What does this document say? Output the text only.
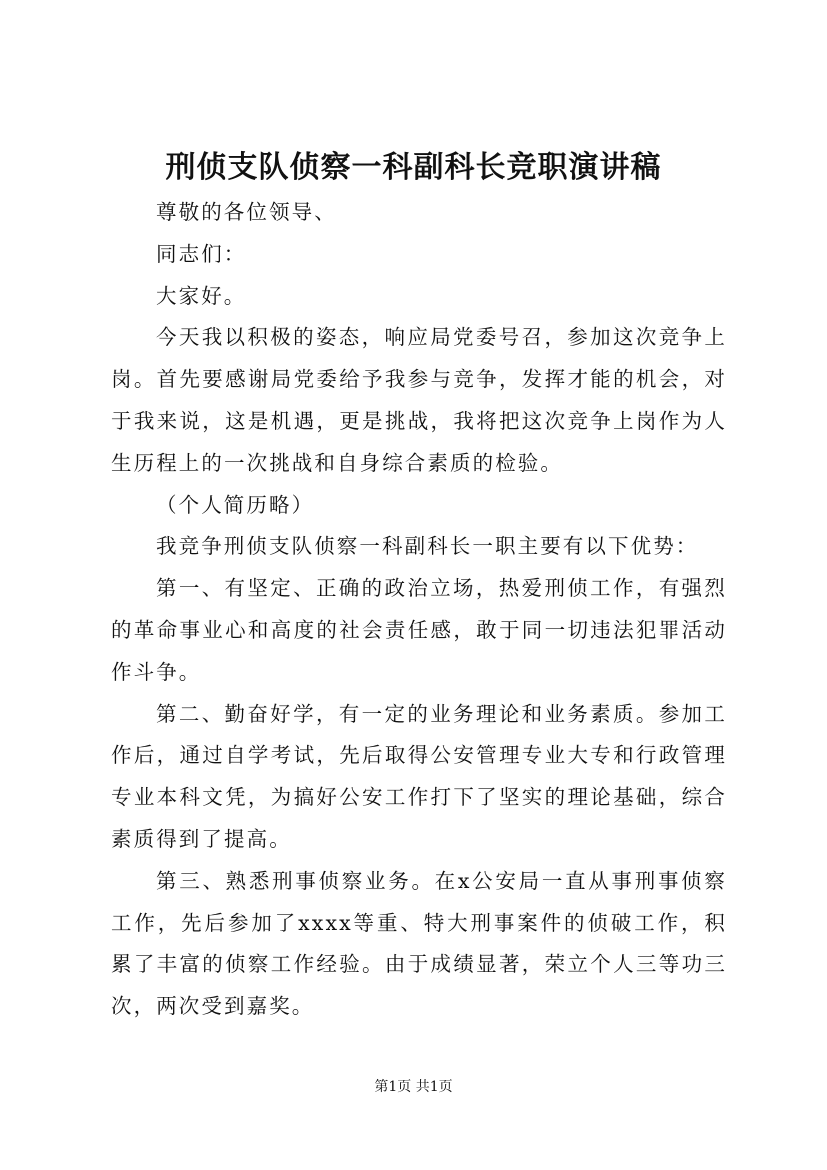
刑侦支队侦察一科副科长竞职演讲稿

尊敬的各位领导、

同志们：

大家好。

今天我以积极的姿态，响应局党委号召，参加这次竞争上岗。首先要感谢局党委给予我参与竞争，发挥才能的机会，对于我来说，这是机遇，更是挑战，我将把这次竞争上岗作为人生历程上的一次挑战和自身综合素质的检验。

（个人简历略）

我竞争刑侦支队侦察一科副科长一职主要有以下优势：

第一、有坚定、正确的政治立场，热爱刑侦工作，有强烈的革命事业心和高度的社会责任感，敢于同一切违法犯罪活动作斗争。

第二、勤奋好学，有一定的业务理论和业务素质。参加工作后，通过自学考试，先后取得公安管理专业大专和行政管理专业本科文凭，为搞好公安工作打下了坚实的理论基础，综合素质得到了提高。

第三、熟悉刑事侦察业务。在x公安局一直从事刑事侦察工作，先后参加了xxxx等重、特大刑事案件的侦破工作，积累了丰富的侦察工作经验。由于成绩显著，荣立个人三等功三次，两次受到嘉奖。

第1页 共1页
